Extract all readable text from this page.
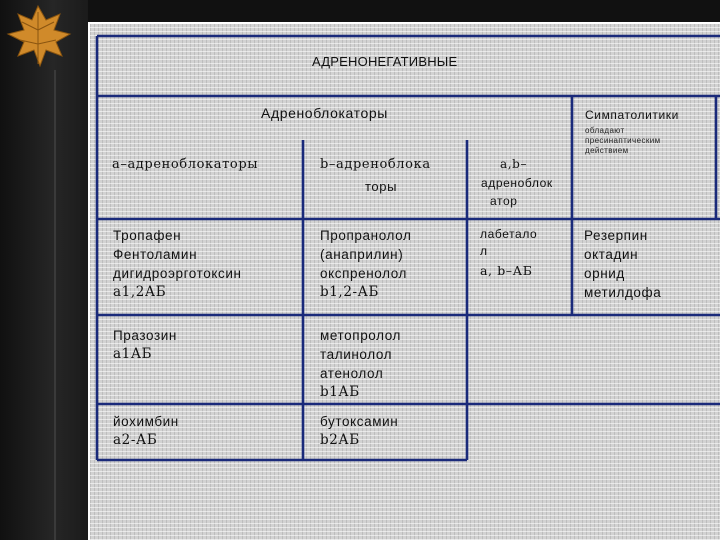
АДРЕНОНЕГАТИВНЫЕ
Адреноблокаторы	Симпатолитики
обладают
пресинаптическим
действием
a–адреноблокаторы	b–адреноблока
торы
a,b–
адреноблок
атор
Тропафен
Фентоламин
дигидроэрготоксин
a1,2АБ
Пропранолол
(анаприлин)
окспренолол
b1,2-АБ
лабетало
л
a, b–АБ
Резерпин
октадин
орнид
метилдофа
Празозин
a1АБ
метопролол
талинолол
атенолол
b1АБ
йохимбин
a2-АБ
бутоксамин
b2АБ
